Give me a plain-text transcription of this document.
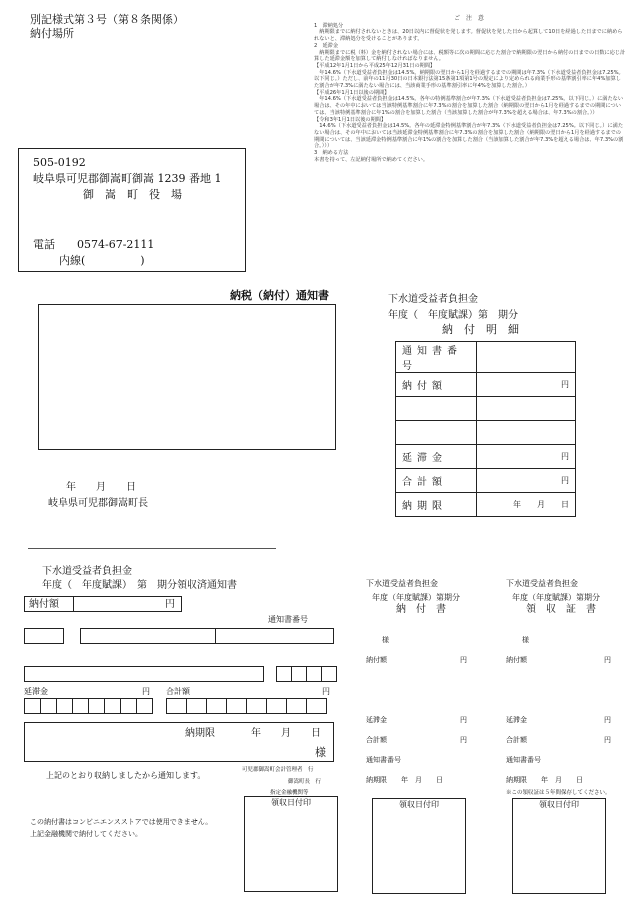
別記様式第３号（第８条関係）
納付場所

ご 注 意

1　滞納処分

　納期限までに納付されないときは、20日以内に督促状を発します。督促状を発した日から起算して10日を経過した日までに納められないと、滞納処分を受けることがあります。

2　延滞金

　納期限までに税（料）金を納付されない場合には、税額等に次の期間に応じた割合で納期限の翌日から納付の日までの日数に応じ計算した延滞金額を加算して納付しなければなりません。

【平成12年1月1日から平成25年12月31日の期間】

　年14.6%（下水道受益者負担金は14.5%。納期限の翌日から1月を経過するまでの期間は年7.3%（下水道受益者負担金は7.25%。以下同じ。）ただし、前年の11月30日の日本銀行法第15条第1項第1号の規定により定められる商業手形の基準割引率に年4%加算した割合が年7.3%に満たない場合には、当該商業手形の基準割引率に年4%を加算した割合。）

【平成26年1月1日以後の期間】

　年14.6%（下水道受益者負担金は14.5%。各年の特例基準割合が年7.3%（下水道受益者負担金は7.25%。以下同じ。）に満たない場合は、その年中においては当該特例基準割合に年7.3%の割合を加算した割合（納期限の翌日から1月を経過するまでの期間については、当該特例基準割合に年1%の割合を加算した割合（当該加算した割合が年7.3%を超える場合は、年7.3%の割合。））

【令和3年1月1日以後の期間】

　14.6%（下水道受益者負担金は14.5%。各年の延滞金特例基準割合が年7.3%（下水道受益者負担金は7.25%。以下同じ。）に満たない場合は、その年中においては当該延滞金特例基準割合に年7.3%の割合を加算した割合（納期限の翌日から1月を経過するまでの期間については、当該延滞金特例基準割合に年1%の割合を加算した割合（当該加算した割合が年7.3%を超える場合は、年7.3%の割合。）））

3　納める方法

本書を持って、左記納付場所で納めてください。

505-0192
岐阜県可児郡御嵩町御嵩 1239 番地 1
御　嵩　町　役　場
電話　　0574-67-2111
内線(　　　　　)
納税（納付）通知書	下水道受益者負担金
年度（　年度賦課）第　期分
納　付　明　細
通知書番号	
納付額	円

延滞金	円
合計額	円
納期限	年　　月　　日
年　　月　　日
岐阜県可児郡御嵩町長
下水道受益者負担金
年度（　年度賦課）　第　期分領収済通知書
納付額	円
通知書番号
延滞金	円 合計額	円
納期限	年　　月　　日
様
上記のとおり収納しましたから通知します。
可児郡御嵩町会計管理者　行
御嵩町長　行
指定金融機関等
この納付書はコンビニエンスストアでは使用できません。
上記金融機関で納付してください。
領収日付印
下水道受益者負担金
年度（年度賦課）第期分
納　付　書
様
納付額	円
延滞金	円
合計額	円
通知書番号
納期限　　年　月　　日
領収日付印
下水道受益者負担金
年度（年度賦課）第期分
領　収　証　書
様
納付額	円
延滞金	円
合計額	円
通知書番号
納期限　　年　月　　日
※この領収証は５年間保存してください。
領収日付印
